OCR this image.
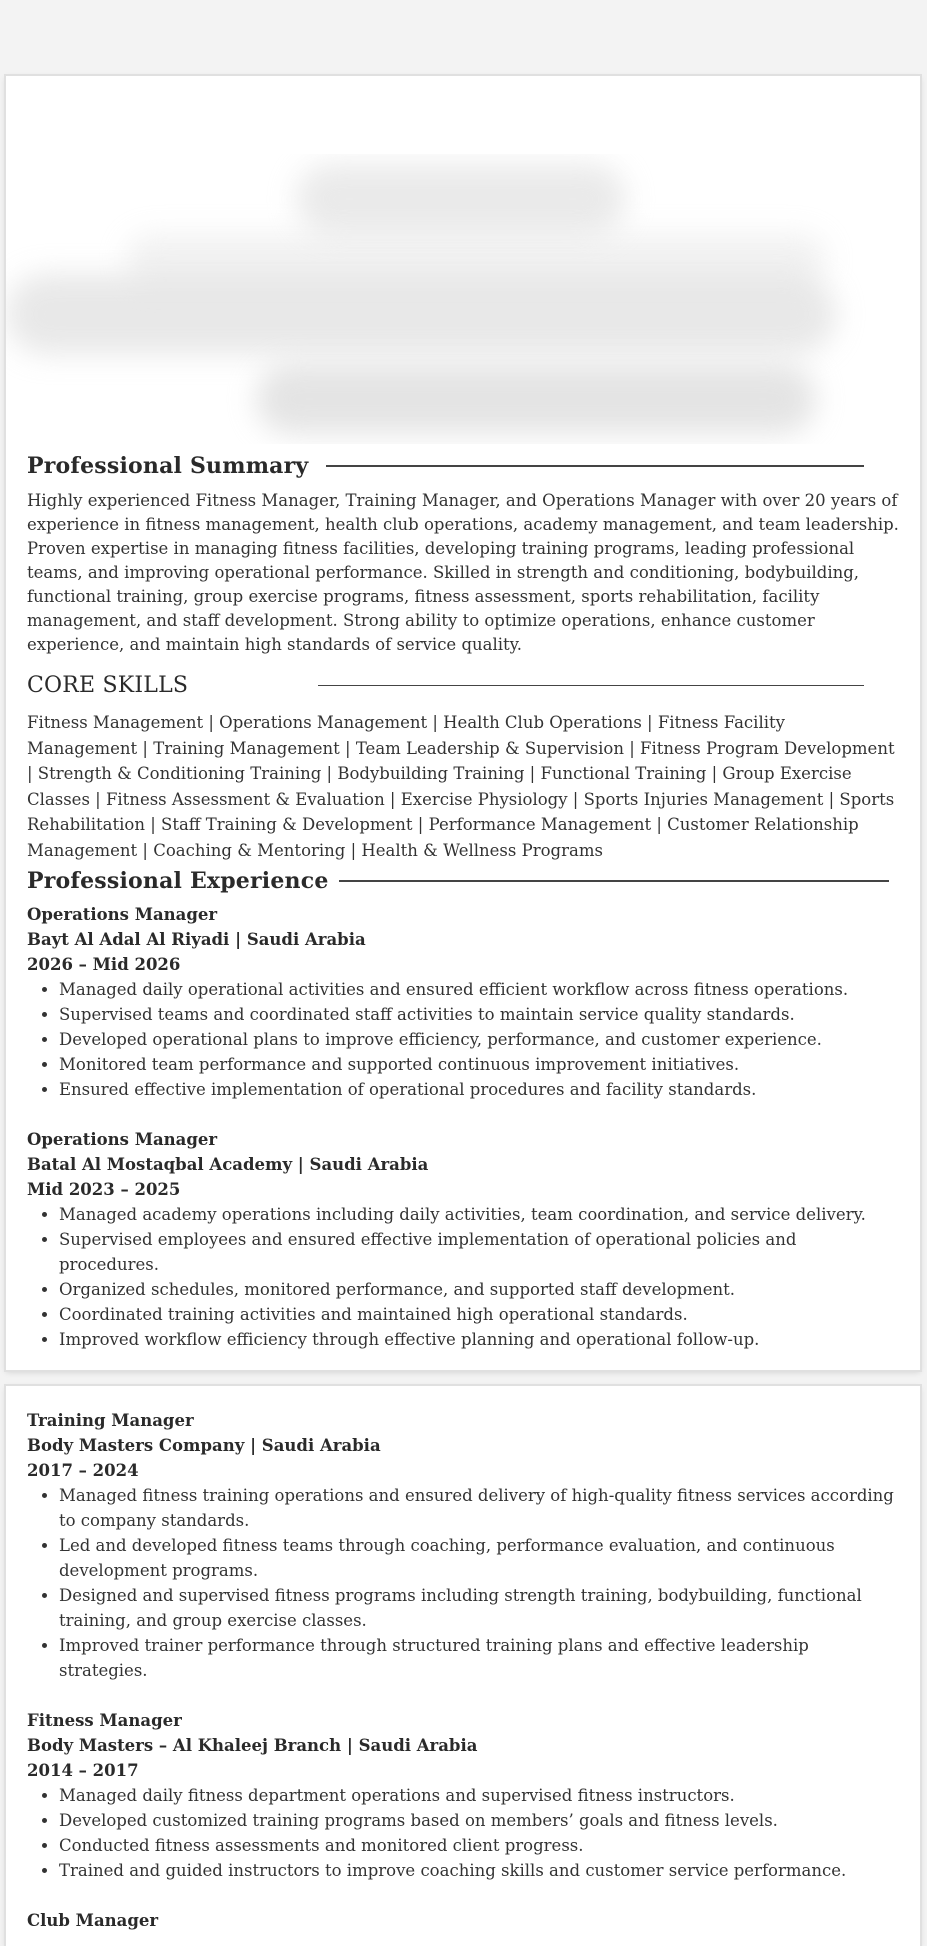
Professional Summary

Highly experienced Fitness Manager, Training Manager, and Operations Manager with over 20 years of experience in fitness management, health club operations, academy management, and team leadership. Proven expertise in managing fitness facilities, developing training programs, leading professional teams, and improving operational performance. Skilled in strength and conditioning, bodybuilding, functional training, group exercise programs, fitness assessment, sports rehabilitation, facility management, and staff development. Strong ability to optimize operations, enhance customer experience, and maintain high standards of service quality.

CORE SKILLS

Fitness Management | Operations Management | Health Club Operations | Fitness Facility Management | Training Management | Team Leadership & Supervision | Fitness Program Development | Strength & Conditioning Training | Bodybuilding Training | Functional Training | Group Exercise Classes | Fitness Assessment & Evaluation | Exercise Physiology | Sports Injuries Management | Sports Rehabilitation | Staff Training & Development | Performance Management | Customer Relationship Management | Coaching & Mentoring | Health & Wellness Programs

Professional Experience
Operations Manager
Bayt Al Adal Al Riyadi | Saudi Arabia
2026 – Mid 2026
• Managed daily operational activities and ensured efficient workflow across fitness operations.
• Supervised teams and coordinated staff activities to maintain service quality standards.
• Developed operational plans to improve efficiency, performance, and customer experience.
• Monitored team performance and supported continuous improvement initiatives.
• Ensured effective implementation of operational procedures and facility standards.
Operations Manager
Batal Al Mostaqbal Academy | Saudi Arabia
Mid 2023 – 2025
• Managed academy operations including daily activities, team coordination, and service delivery.
• Supervised employees and ensured effective implementation of operational policies and procedures.
• Organized schedules, monitored performance, and supported staff development.
• Coordinated training activities and maintained high operational standards.
• Improved workflow efficiency through effective planning and operational follow-up.
Training Manager
Body Masters Company | Saudi Arabia
2017 – 2024
• Managed fitness training operations and ensured delivery of high-quality fitness services according to company standards.
• Led and developed fitness teams through coaching, performance evaluation, and continuous development programs.
• Designed and supervised fitness programs including strength training, bodybuilding, functional training, and group exercise classes.
• Improved trainer performance through structured training plans and effective leadership strategies.
Fitness Manager
Body Masters – Al Khaleej Branch | Saudi Arabia
2014 – 2017
• Managed daily fitness department operations and supervised fitness instructors.
• Developed customized training programs based on members’ goals and fitness levels.
• Conducted fitness assessments and monitored client progress.
• Trained and guided instructors to improve coaching skills and customer service performance.
Club Manager
